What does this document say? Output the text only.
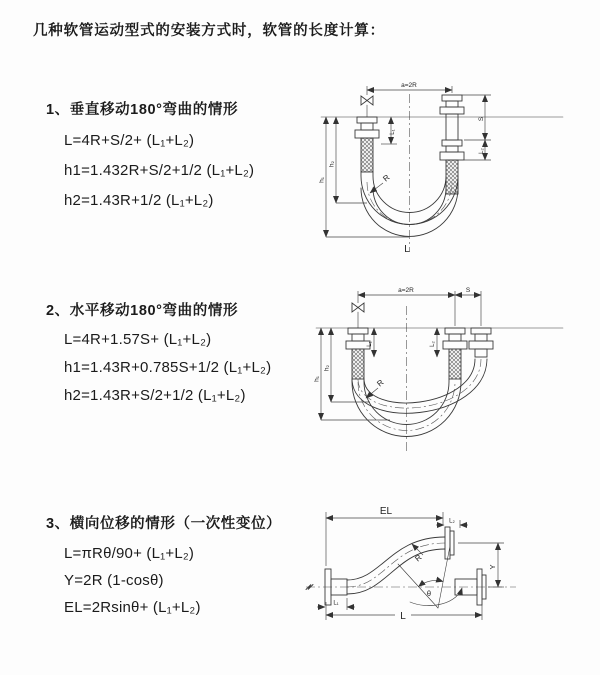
几种软管运动型式的安装方式时，软管的长度计算：
1、垂直移动180°弯曲的情形
L=4R+S/2+ (L₁+L₂)
h1=1.432R+S/2+1/2 (L₁+L₂)
h2=1.43R+1/2 (L₁+L₂)
2、水平移动180°弯曲的情形
L=4R+1.57S+ (L₁+L₂)
h1=1.43R+0.785S+1/2 (L₁+L₂)
h2=1.43R+S/2+1/2 (L₁+L₂)
3、横向位移的情形（一次性变位）
L=πRθ/90+ (L₁+L₂)
Y=2R (1-cosθ)
EL=2Rsinθ+ (L₁+L₂)
a=2R
S
L₂
L₁
h₁
h₂
R
L
a=2R	S
L₁	L₂
h₁
h₂
R
EL
L₂
L₁
Y
L
R
θ
